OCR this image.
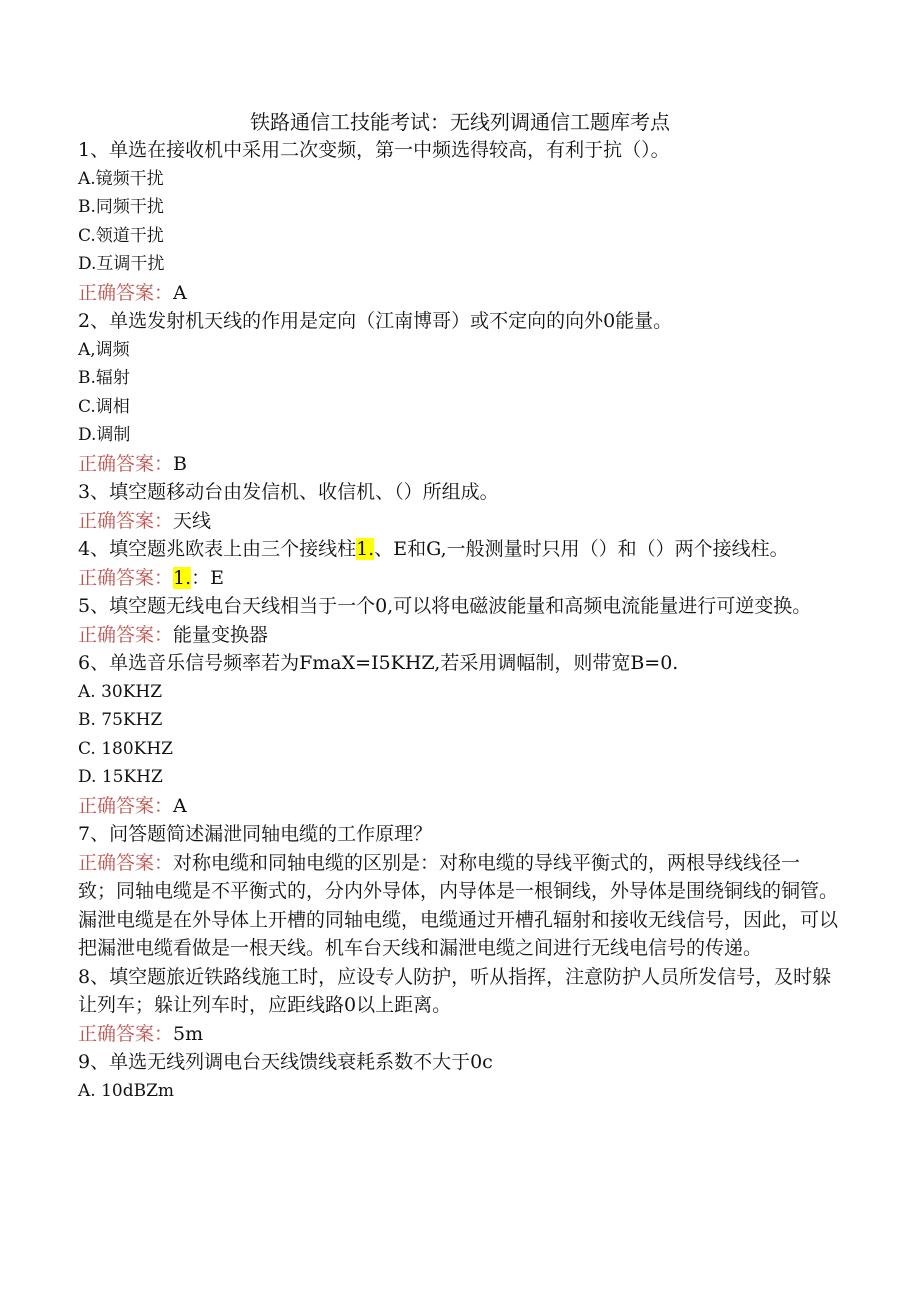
铁路通信工技能考试：无线列调通信工题库考点
1、单选在接收机中采用二次变频，第一中频选得较高，有利于抗（）。
A.镜频干扰
B.同频干扰
C.领道干扰
D.互调干扰
正确答案：A
2、单选发射机天线的作用是定向（江南博哥）或不定向的向外0能量。
A,调频
B.辐射
C.调相
D.调制
正确答案：B
3、填空题移动台由发信机、收信机、（）所组成。
正确答案：天线
4、填空题兆欧表上由三个接线柱1.、E和G,一般测量时只用（）和（）两个接线柱。
正确答案：1.：E
5、填空题无线电台天线相当于一个0,可以将电磁波能量和高频电流能量进行可逆变换。
正确答案：能量变换器
6、单选音乐信号频率若为FmaX=I5KHZ,若采用调幅制，则带宽B=0.
A. 30KHZ
B. 75KHZ
C. 180KHZ
D. 15KHZ
正确答案：A
7、问答题简述漏泄同轴电缆的工作原理？
正确答案：对称电缆和同轴电缆的区别是：对称电缆的导线平衡式的，两根导线线径一致；同轴电缆是不平衡式的，分内外导体，内导体是一根铜线，外导体是围绕铜线的铜管。漏泄电缆是在外导体上开槽的同轴电缆，电缆通过开槽孔辐射和接收无线信号，因此，可以把漏泄电缆看做是一根天线。机车台天线和漏泄电缆之间进行无线电信号的传递。
8、填空题旅近铁路线施工时，应设专人防护，听从指挥，注意防护人员所发信号，及时躲让列车；躲让列车时，应距线路0以上距离。
正确答案：5m
9、单选无线列调电台天线馈线衰耗系数不大于0c
A. 10dBZm
